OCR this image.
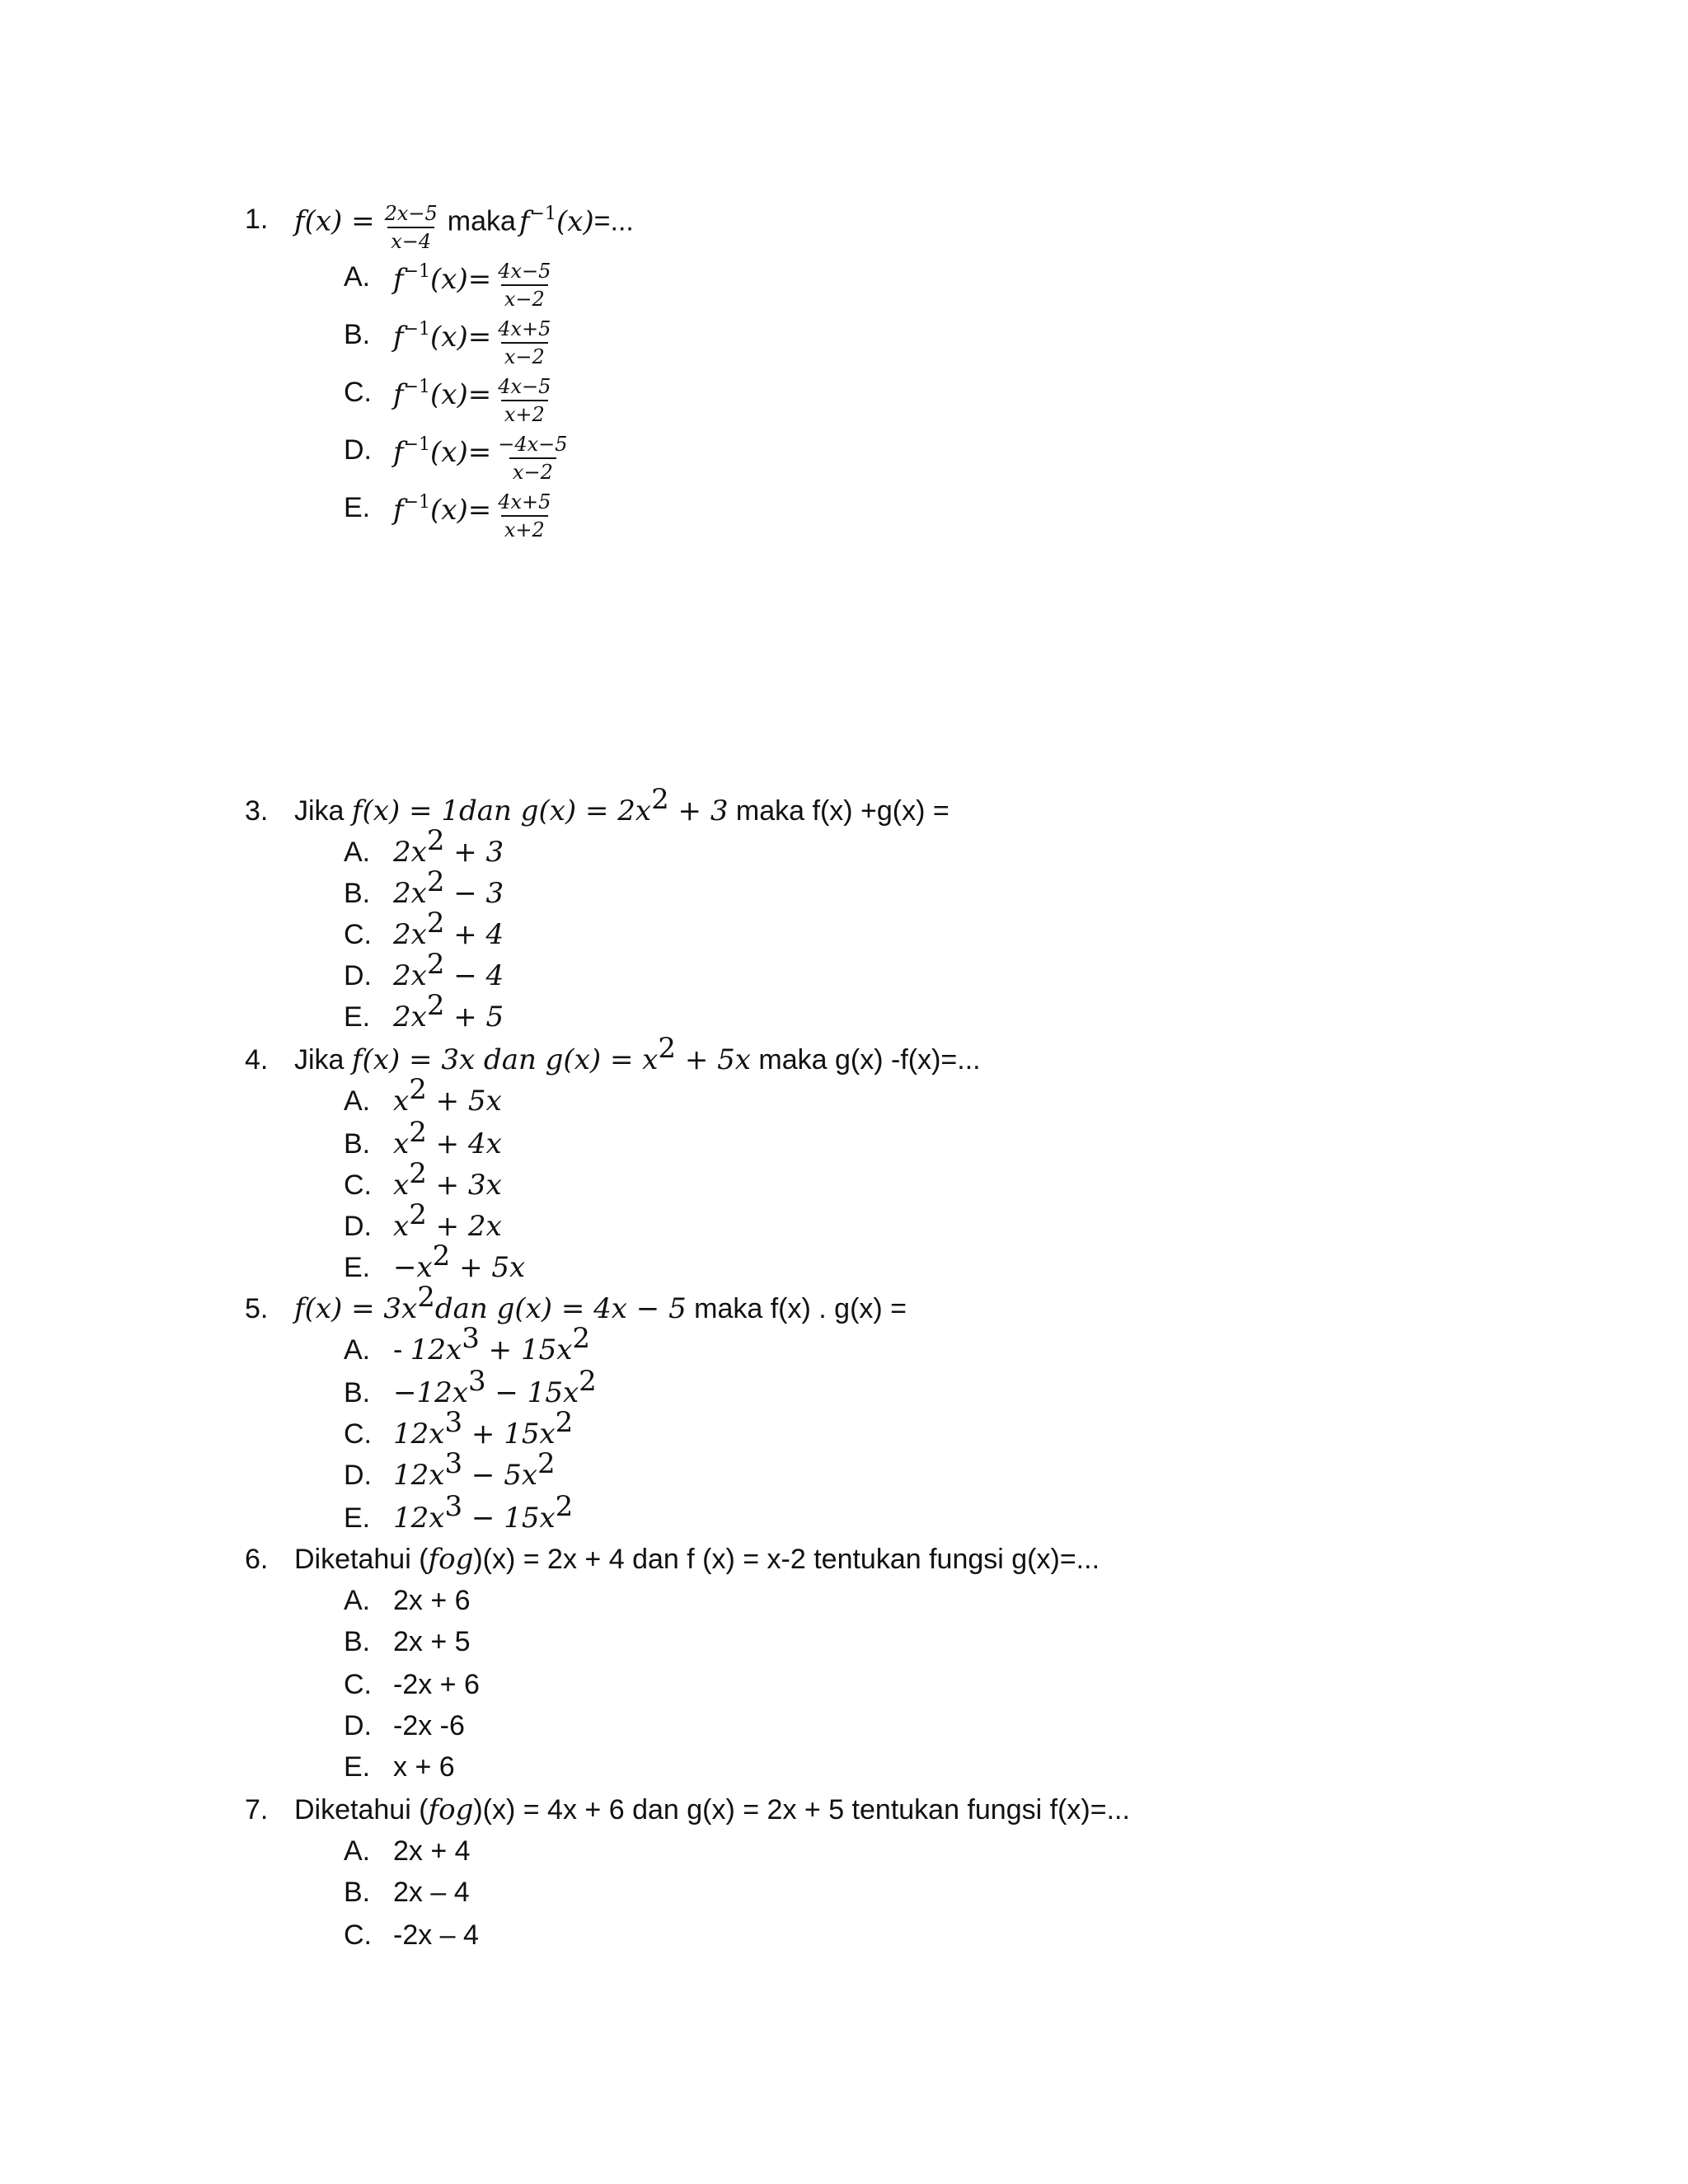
1. $f(x) = \frac{2x-5}{x-4}$ maka $f^{-1}(x)=$...
A. $f^{-1}(x)= \frac{4x-5}{x-2}$
B. $f^{-1}(x)= \frac{4x+5}{x-2}$
C. $f^{-1}(x)= \frac{4x-5}{x+2}$
D. $f^{-1}(x)= \frac{-4x-5}{x-2}$
E. $f^{-1}(x)= \frac{4x+5}{x+2}$
3. Jika f(x) = 1dan $g(x) = 2x^2 + 3$ maka f(x) +g(x) =
A. $2x^2 + 3$
B. $2x^2 - 3$
C. $2x^2 + 4$
D. $2x^2 - 4$
E. $2x^2 + 5$
4. Jika f(x) = 3x dan $g(x) = x^2 + 5x$ maka g(x) -f(x)=...
A. $x^2 + 5x$
B. $x^2 + 4x$
C. $x^2 + 3x$
D. $x^2 + 2x$
E. $-x^2 + 5x$
5. $f(x) = 3x^2dan$ g(x) = 4x − 5 maka f(x) . g(x) =
A. - $12x^3 + 15x^2$
B. $-12x^3 - 15x^2$
C. $12x^3 + 15x^2$
D. $12x^3 - 5x^2$
E. $12x^3 - 15x^2$
6. Diketahui (fog)(x) = 2x + 4 dan f (x) = x-2 tentukan fungsi g(x)=...
A. 2x + 6
B. 2x + 5
C. -2x + 6
D. -2x -6
E. x + 6
7. Diketahui (fog)(x) = 4x + 6 dan g(x) = 2x + 5 tentukan fungsi f(x)=...
A. 2x + 4
B. 2x – 4
C. -2x – 4
